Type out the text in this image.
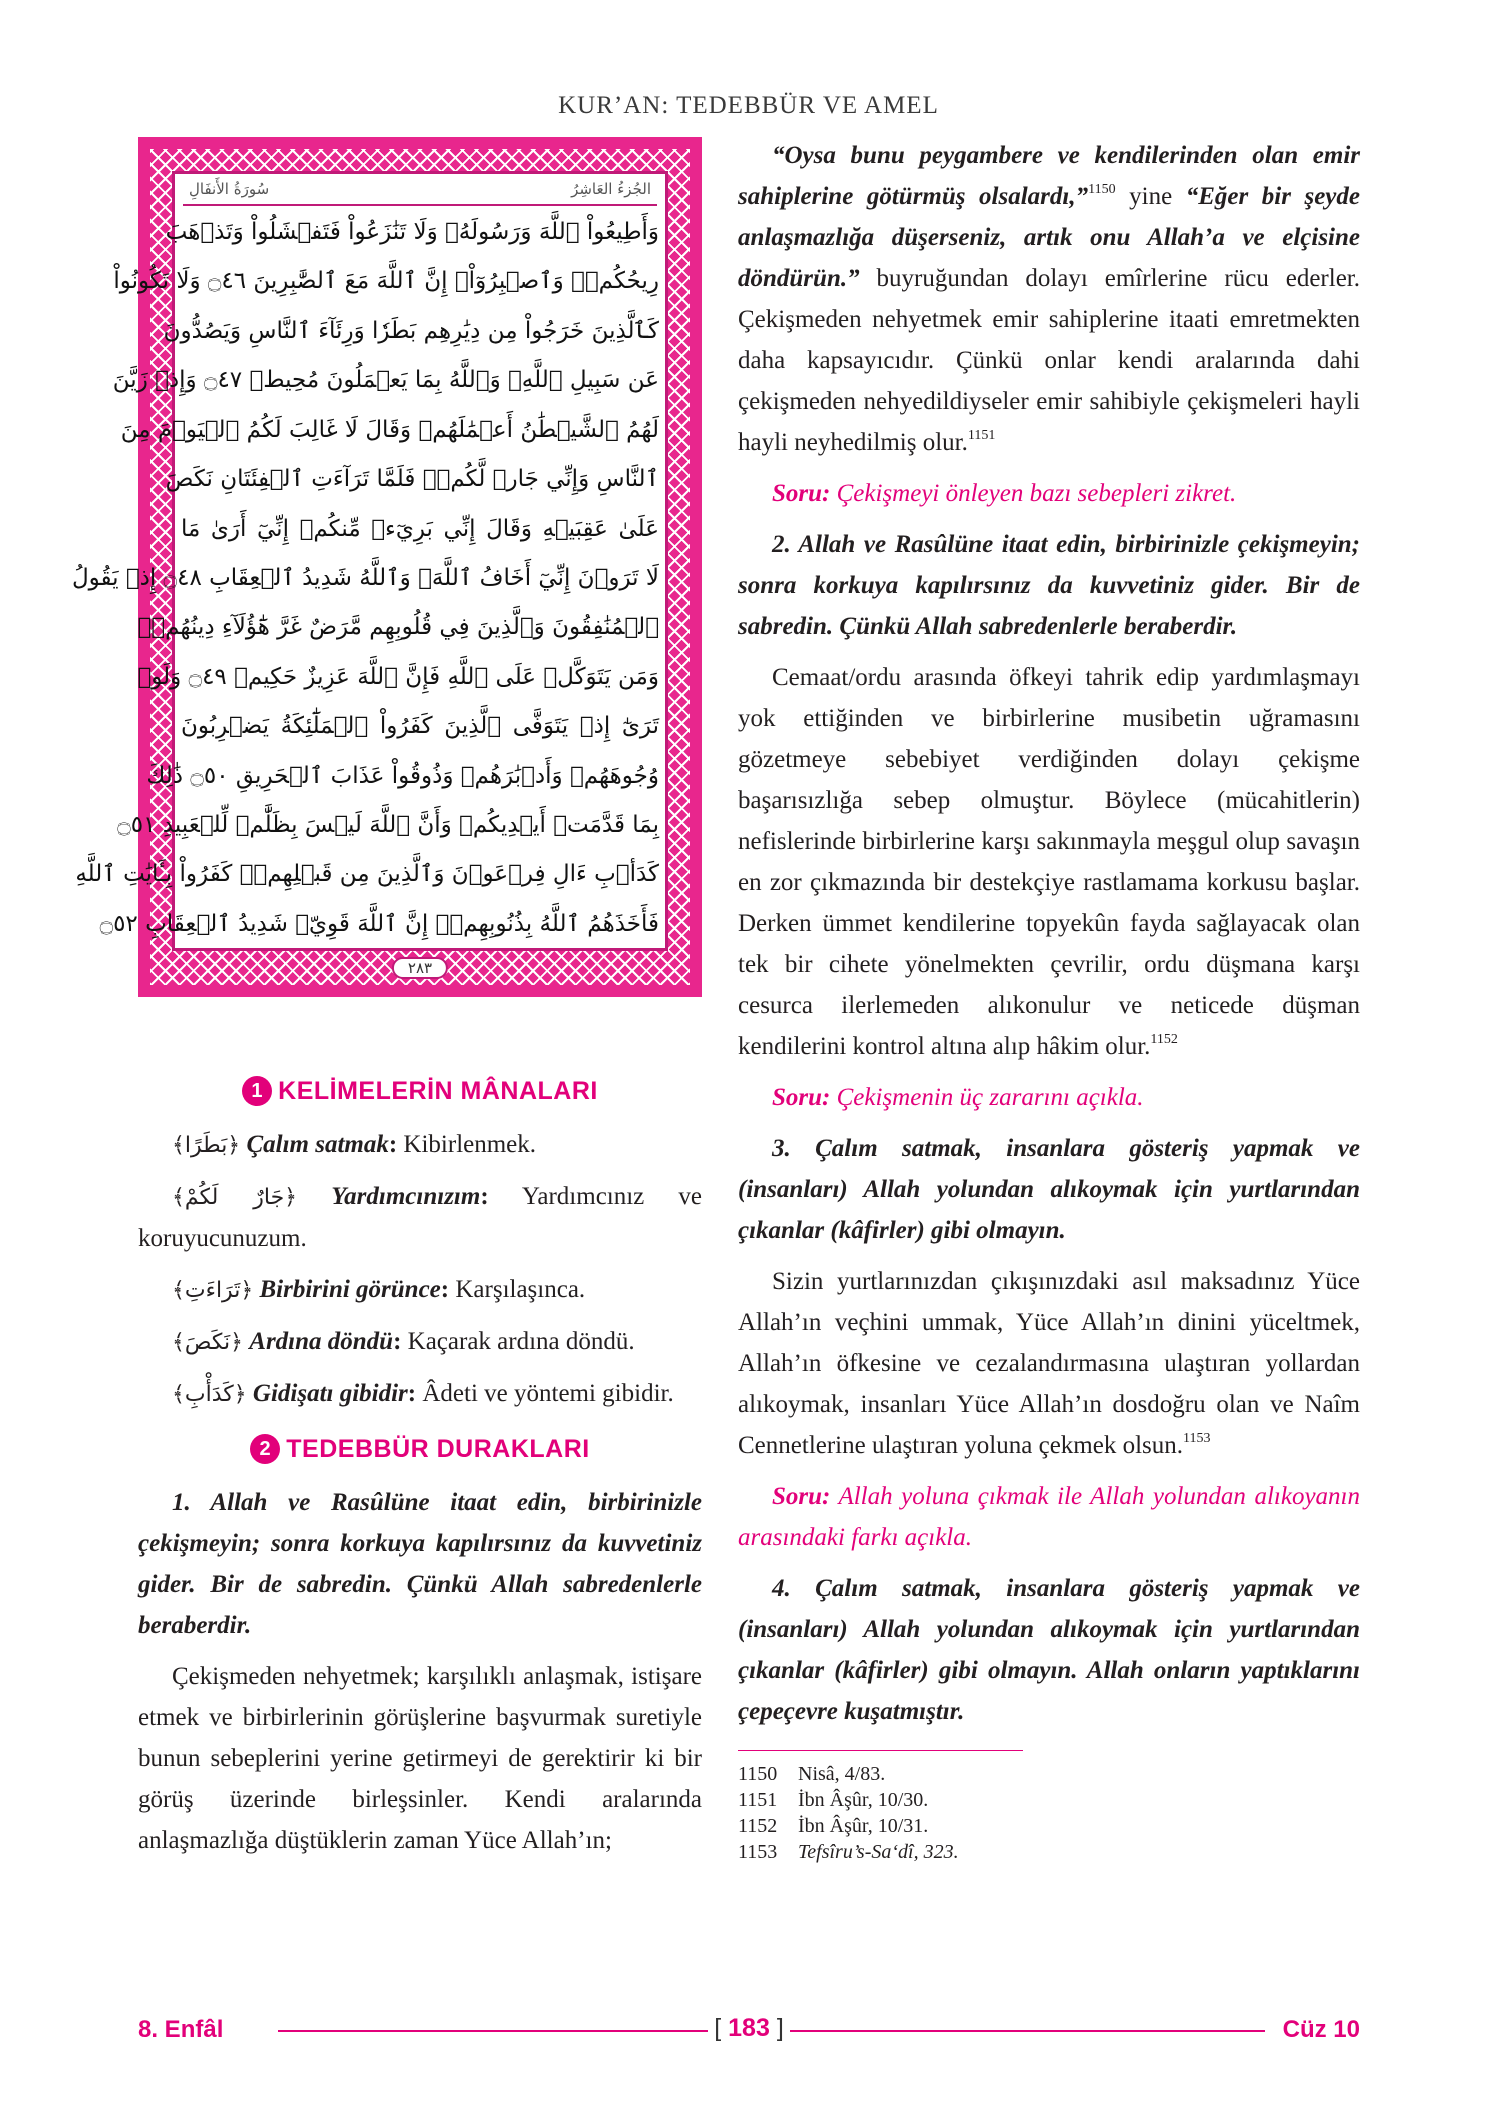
KUR’AN: TEDEBBÜR VE AMEL
سُورَةُ الأَنفَالِ	الجُزءُ العَاشِرُ
وَأَطِيعُواْ ٱللَّهَ وَرَسُولَهُۥ وَلَا تَنَٰزَعُواْ فَتَفۡشَلُواْ وَتَذۡهَبَ
رِيحُكُمۡۖ وَٱصۡبِرُوٓاْۚ إِنَّ ٱللَّهَ مَعَ ٱلصَّٰبِرِينَ ۝٤٦ وَلَا تَكُونُواْ
كَٱلَّذِينَ خَرَجُواْ مِن دِيَٰرِهِم بَطَرٗا وَرِئَآءَ ٱلنَّاسِ وَيَصُدُّونَ
عَن سَبِيلِ ٱللَّهِۚ وَٱللَّهُ بِمَا يَعۡمَلُونَ مُحِيطٞ ۝٤٧ وَإِذۡ زَيَّنَ
لَهُمُ ٱلشَّيۡطَٰنُ أَعۡمَٰلَهُمۡ وَقَالَ لَا غَالِبَ لَكُمُ ٱلۡيَوۡمَ مِنَ
ٱلنَّاسِ وَإِنِّي جَارٞ لَّكُمۡۖ فَلَمَّا تَرَآءَتِ ٱلۡفِئَتَانِ نَكَصَ
عَلَىٰ عَقِبَيۡهِ وَقَالَ إِنِّي بَرِيٓءٞ مِّنكُمۡ إِنِّيٓ أَرَىٰ مَا
لَا تَرَوۡنَ إِنِّيٓ أَخَافُ ٱللَّهَۚ وَٱللَّهُ شَدِيدُ ٱلۡعِقَابِ ۝٤٨ إِذۡ يَقُولُ
ٱلۡمُنَٰفِقُونَ وَٱلَّذِينَ فِي قُلُوبِهِم مَّرَضٌ غَرَّ هَٰٓؤُلَآءِ دِينُهُمۡۗ
وَمَن يَتَوَكَّلۡ عَلَى ٱللَّهِ فَإِنَّ ٱللَّهَ عَزِيزٌ حَكِيمٞ ۝٤٩ وَلَوۡ
تَرَىٰٓ إِذۡ يَتَوَفَّى ٱلَّذِينَ كَفَرُواْ ٱلۡمَلَٰٓئِكَةُ يَضۡرِبُونَ
وُجُوهَهُمۡ وَأَدۡبَٰرَهُمۡ وَذُوقُواْ عَذَابَ ٱلۡحَرِيقِ ۝٥٠ ذَٰلِكَ
بِمَا قَدَّمَتۡ أَيۡدِيكُمۡ وَأَنَّ ٱللَّهَ لَيۡسَ بِظَلَّٰمٖ لِّلۡعَبِيدِ ۝٥١
كَدَأۡبِ ءَالِ فِرۡعَوۡنَ وَٱلَّذِينَ مِن قَبۡلِهِمۡۚ كَفَرُواْ بِـَٔايَٰتِ ٱللَّهِ
فَأَخَذَهُمُ ٱللَّهُ بِذُنُوبِهِمۡۚ إِنَّ ٱللَّهَ قَوِيّٞ شَدِيدُ ٱلۡعِقَابِ ۝٥٢
٢٨٣
1 KELİMELERİN MÂNALARI

﴿بَطَرًا﴾ Çalım satmak: Kibirlenmek.

﴿جَارٌ لَكُمْ﴾ Yardımcınızım: Yardımcınız ve koruyucunuzum.

﴿تَرَاءَتِ﴾ Birbirini görünce: Karşılaşınca.

﴿نَكَصَ﴾ Ardına döndü: Kaçarak ardına döndü.

﴿كَدَأْبِ﴾ Gidişatı gibidir: Âdeti ve yöntemi gibidir.

2 TEDEBBÜR DURAKLARI

1. Allah ve Rasûlüne itaat edin, birbirinizle çekişmeyin; sonra korkuya kapılırsınız da kuvvetiniz gider. Bir de sabredin. Çünkü Allah sabredenlerle beraberdir.

Çekişmeden nehyetmek; karşılıklı anlaşmak, istişare etmek ve birbirlerinin görüşlerine başvurmak suretiyle bunun sebeplerini yerine getirmeyi de gerektirir ki bir görüş üzerinde birleşsinler. Kendi aralarında anlaşmazlığa düştüklerin zaman Yüce Allah’ın;

“Oysa bunu peygambere ve kendilerinden olan emir sahiplerine götürmüş olsalardı,”$^{1150}$ yine “Eğer bir şeyde anlaşmazlığa düşerseniz, artık onu Allah’a ve elçisine döndürün.” buyruğundan dolayı emîrlerine rücu ederler. Çekişmeden nehyetmek emir sahiplerine itaati emretmekten daha kapsayıcıdır. Çünkü onlar kendi aralarında dahi çekişmeden nehyedildiyseler emir sahibiyle çekişmeleri hayli hayli neyhedilmiş olur.$^{1151}$

Soru: Çekişmeyi önleyen bazı sebepleri zikret.

2. Allah ve Rasûlüne itaat edin, birbirinizle çekişmeyin; sonra korkuya kapılırsınız da kuvvetiniz gider. Bir de sabredin. Çünkü Allah sabredenlerle beraberdir.

Cemaat/ordu arasında öfkeyi tahrik edip yardımlaşmayı yok ettiğinden ve birbirlerine musibetin uğramasını gözetmeye sebebiyet verdiğinden dolayı çekişme başarısızlığa sebep olmuştur. Böylece (mücahitlerin) nefislerinde birbirlerine karşı sakınmayla meşgul olup savaşın en zor çıkmazında bir destekçiye rastlamama korkusu başlar. Derken ümmet kendilerine topyekûn fayda sağlayacak olan tek bir cihete yönelmekten çevrilir, ordu düşmana karşı cesurca ilerlemeden alıkonulur ve neticede düşman kendilerini kontrol altına alıp hâkim olur.$^{1152}$

Soru: Çekişmenin üç zararını açıkla.

3. Çalım satmak, insanlara gösteriş yapmak ve (insanları) Allah yolundan alıkoymak için yurtlarından çıkanlar (kâfirler) gibi olmayın.

Sizin yurtlarınızdan çıkışınızdaki asıl maksadınız Yüce Allah’ın veçhini ummak, Yüce Allah’ın dinini yüceltmek, Allah’ın öfkesine ve cezalandırmasına ulaştıran yollardan alıkoymak, insanları Yüce Allah’ın dosdoğru olan ve Naîm Cennetlerine ulaştıran yoluna çekmek olsun.$^{1153}$

Soru: Allah yoluna çıkmak ile Allah yolundan alıkoyanın arasındaki farkı açıkla.

4. Çalım satmak, insanlara gösteriş yapmak ve (insanları) Allah yolundan alıkoymak için yurtlarından çıkanlar (kâfirler) gibi olmayın. Allah onların yaptıklarını çepeçevre kuşatmıştır.

1150	Nisâ, 4/83.
1151	İbn Âşûr, 10/30.
1152	İbn Âşûr, 10/31.
1153	Tefsîru’s-Sa‘dî, 323.
8. Enfâl	[ 183 ]	Cüz 10
